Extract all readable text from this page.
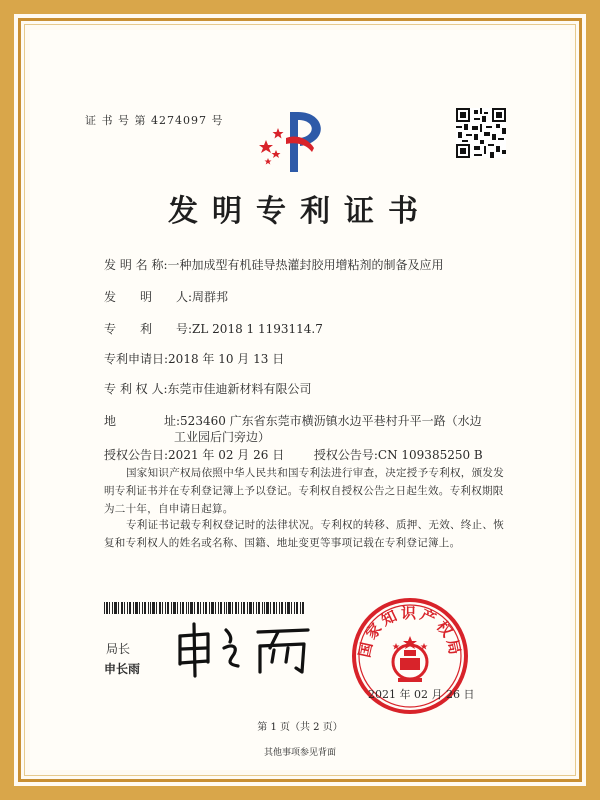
证 书 号 第 4274097 号
发明专利证书
发 明 名 称:一种加成型有机硅导热灌封胶用增粘剂的制备及应用
发　　明　　人:周群邦
专　　利　　号:ZL 2018 1 1193114.7
专利申请日:2018 年 10 月 13 日
专 利 权 人:东莞市佳迪新材料有限公司
地　　　　址:523460 广东省东莞市横沥镇水边平巷村升平一路（水边
工业园后门旁边）
授权公告日:2021 年 02 月 26 日 授权公告号:CN 109385250 B
国家知识产权局依照中华人民共和国专利法进行审查，决定授予专利权，颁发发明专利证书并在专利登记簿上予以登记。专利权自授权公告之日起生效。专利权期限为二十年，自申请日起算。
专利证书记载专利权登记时的法律状况。专利权的转移、质押、无效、终止、恢复和专利权人的姓名或名称、国籍、地址变更等事项记载在专利登记簿上。
局长
申长雨
国家知识产权局
2021 年 02 月 26 日
第 1 页（共 2 页）
其他事项参见背面
